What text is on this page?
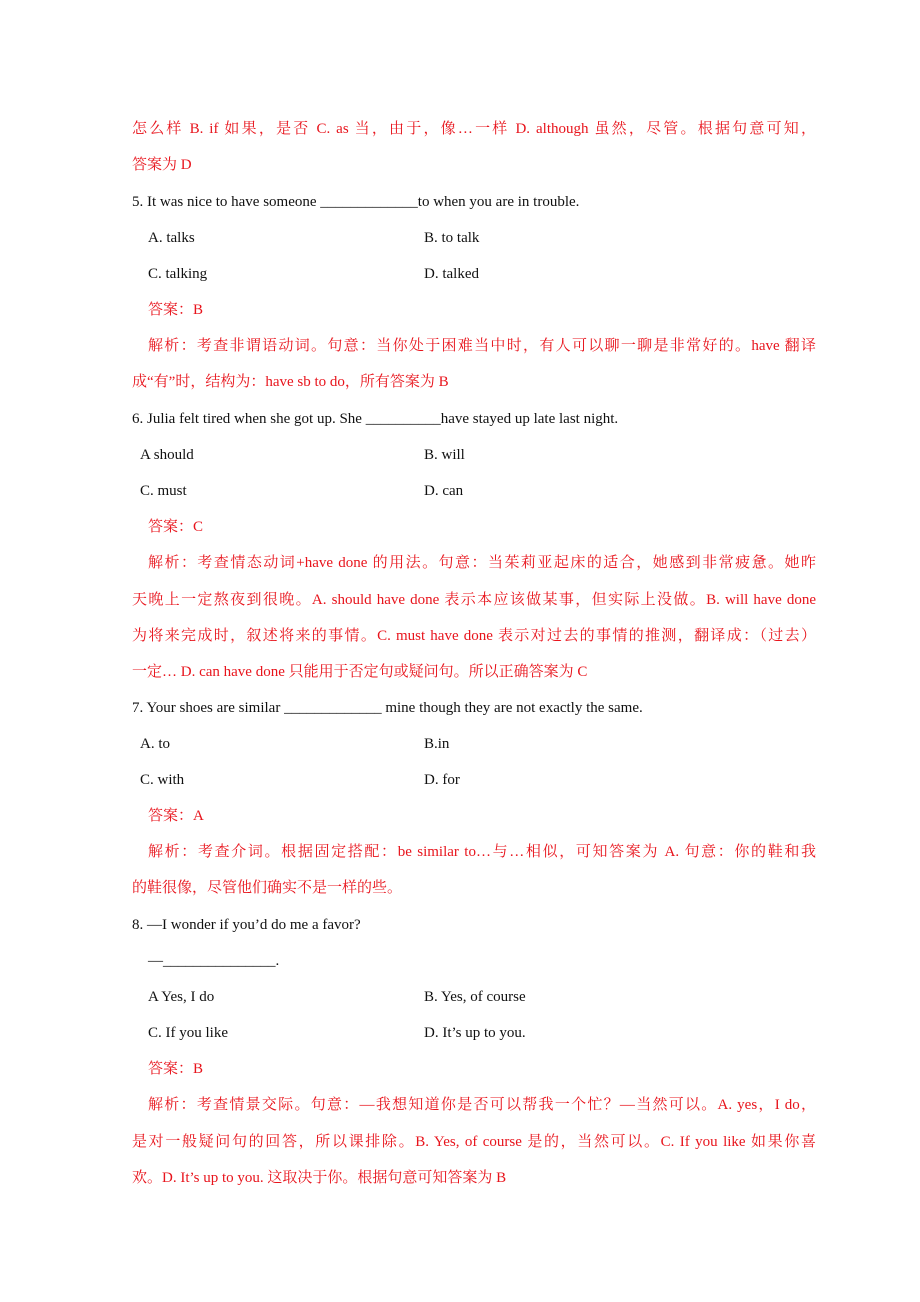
怎么样 B. if 如果，是否 C. as 当，由于，像…一样 D. although 虽然，尽管。根据句意可知，
答案为 D
5. It was nice to have someone _____________to when you are in trouble.
A. talks	B. to talk
C. talking	D. talked
答案：B
解析：考查非谓语动词。句意：当你处于困难当中时，有人可以聊一聊是非常好的。have 翻译
成“有”时，结构为：have sb to do，所有答案为 B
6. Julia felt tired when she got up. She __________have stayed up late last night.
A should	B. will
C. must	D. can
答案：C
解析：考查情态动词+have done 的用法。句意：当茱莉亚起床的适合，她感到非常疲惫。她昨
天晚上一定熬夜到很晚。A. should have done 表示本应该做某事，但实际上没做。B. will have done
为将来完成时，叙述将来的事情。C. must have done 表示对过去的事情的推测，翻译成：（过去）
一定… D. can have done 只能用于否定句或疑问句。所以正确答案为 C
7. Your shoes are similar _____________ mine though they are not exactly the same.
A. to	B.in
C. with	D. for
答案：A
解析：考查介词。根据固定搭配：be similar to…与…相似，可知答案为 A. 句意：你的鞋和我
的鞋很像，尽管他们确实不是一样的些。
8. —I wonder if you’d do me a favor?
—_______________.
A Yes, I do	B. Yes, of course
C. If you like	D. It’s up to you.
答案：B
解析：考查情景交际。句意：—我想知道你是否可以帮我一个忙？—当然可以。A. yes，I do，
是对一般疑问句的回答，所以课排除。B. Yes, of course 是的，当然可以。C. If you like 如果你喜
欢。D. It’s up to you. 这取决于你。根据句意可知答案为 B
